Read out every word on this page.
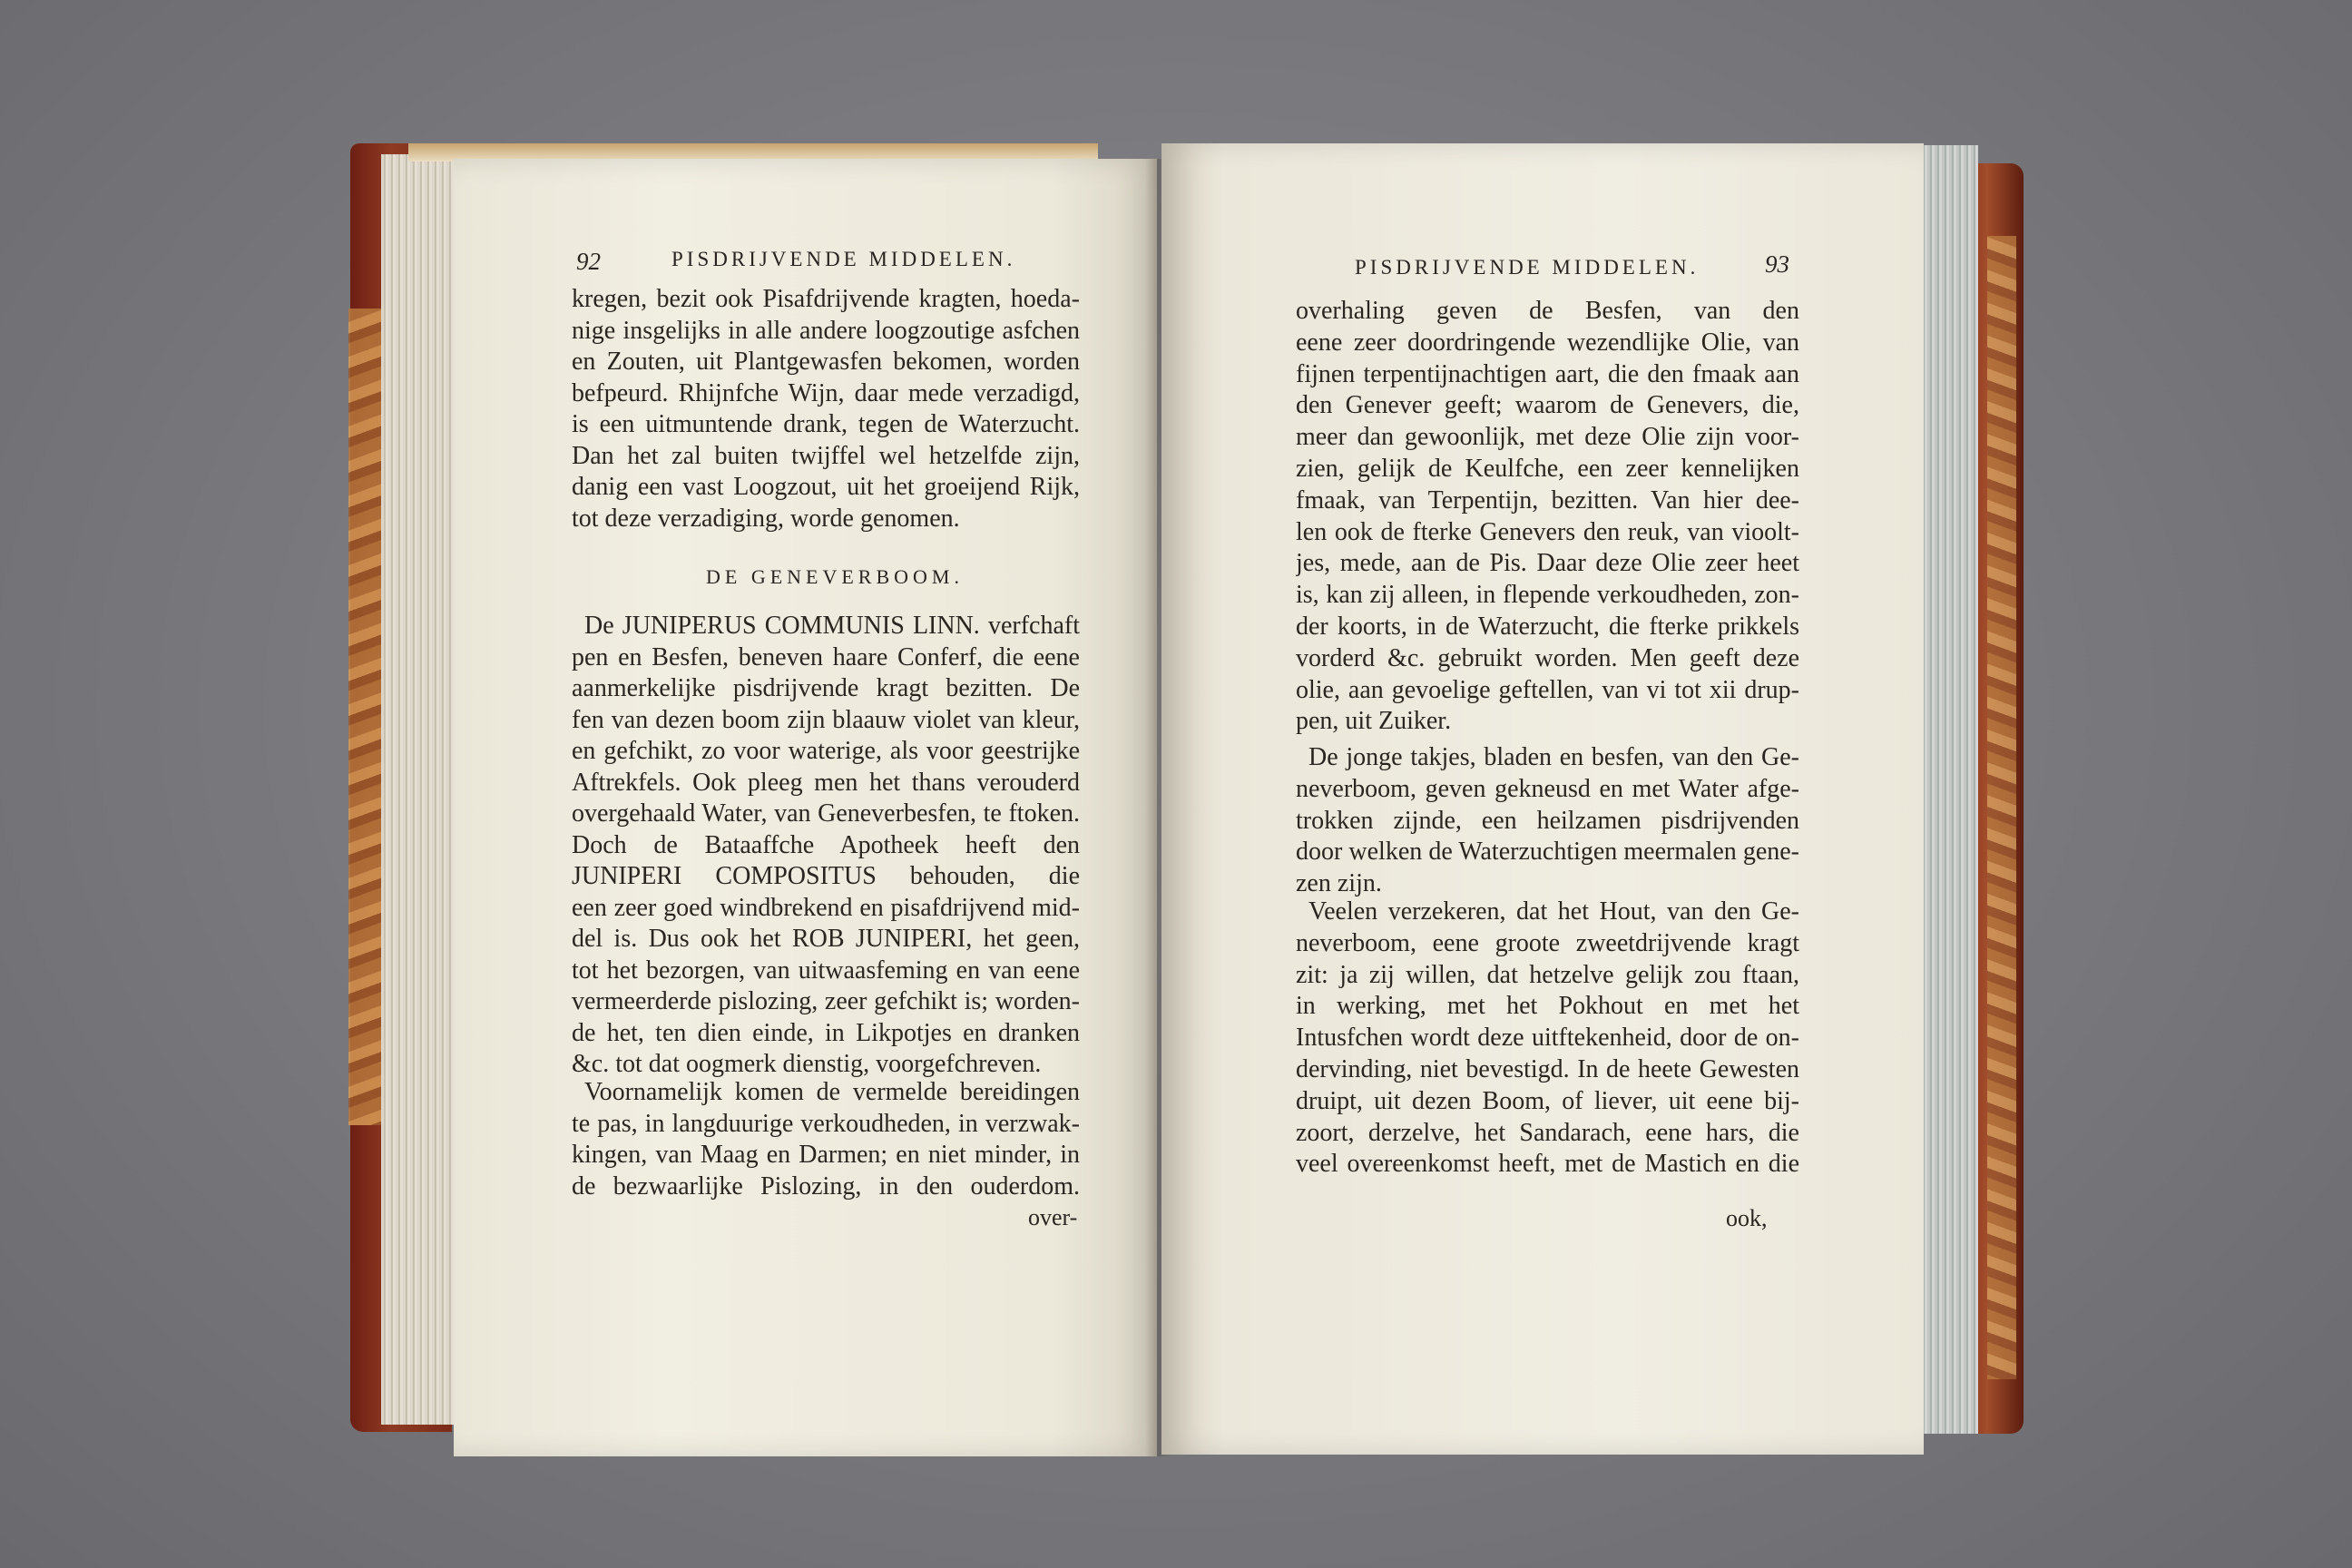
92	PISDRIJVENDE MIDDELEN.
kregen, bezit ook Pisafdrijvende kragten, hoeda-
nige insgelijks in alle andere loogzoutige asfchen
en Zouten, uit Plantgewasfen bekomen, worden
befpeurd. Rhijnfche Wijn, daar mede verzadigd,
is een uitmuntende drank, tegen de Waterzucht.
Dan het zal buiten twijffel wel hetzelfde zijn,
danig een vast Loogzout, uit het groeijend Rijk,
tot deze verzadiging, worde genomen.
DE GENEVERBOOM.
De JUNIPERUS COMMUNIS LINN. verfchaft
pen en Besfen, beneven haare Conferf, die eene
aanmerkelijke pisdrijvende kragt bezitten. De
fen van dezen boom zijn blaauw violet van kleur,
en gefchikt, zo voor waterige, als voor geestrijke
Aftrekfels. Ook pleeg men het thans verouderd
overgehaald Water, van Geneverbesfen, te ftoken.
Doch de Bataaffche Apotheek heeft den
JUNIPERI COMPOSITUS behouden, die
een zeer goed windbrekend en pisafdrijvend mid-
del is. Dus ook het ROB JUNIPERI, het geen,
tot het bezorgen, van uitwaasfeming en van eene
vermeerderde pislozing, zeer gefchikt is; worden-
de het, ten dien einde, in Likpotjes en dranken
&c. tot dat oogmerk dienstig, voorgefchreven.
Voornamelijk komen de vermelde bereidingen
te pas, in langduurige verkoudheden, in verzwak-
kingen, van Maag en Darmen; en niet minder, in
de bezwaarlijke Pislozing, in den ouderdom.
over-
PISDRIJVENDE MIDDELEN.	93
overhaling geven de Besfen, van den
eene zeer doordringende wezendlijke Olie, van
fijnen terpentijnachtigen aart, die den fmaak aan
den Genever geeft; waarom de Genevers, die,
meer dan gewoonlijk, met deze Olie zijn voor-
zien, gelijk de Keulfche, een zeer kennelijken
fmaak, van Terpentijn, bezitten. Van hier dee-
len ook de fterke Genevers den reuk, van vioolt-
jes, mede, aan de Pis. Daar deze Olie zeer heet
is, kan zij alleen, in flepende verkoudheden, zon-
der koorts, in de Waterzucht, die fterke prikkels
vorderd &c. gebruikt worden. Men geeft deze
olie, aan gevoelige geftellen, van vi tot xii drup-
pen, uit Zuiker.
De jonge takjes, bladen en besfen, van den Ge-
neverboom, geven gekneusd en met Water afge-
trokken zijnde, een heilzamen pisdrijvenden
door welken de Waterzuchtigen meermalen gene-
zen zijn.
Veelen verzekeren, dat het Hout, van den Ge-
neverboom, eene groote zweetdrijvende kragt
zit: ja zij willen, dat hetzelve gelijk zou ftaan,
in werking, met het Pokhout en met het
Intusfchen wordt deze uitftekenheid, door de on-
dervinding, niet bevestigd. In de heete Gewesten
druipt, uit dezen Boom, of liever, uit eene bij-
zoort, derzelve, het Sandarach, eene hars, die
veel overeenkomst heeft, met de Mastich en die
ook,
